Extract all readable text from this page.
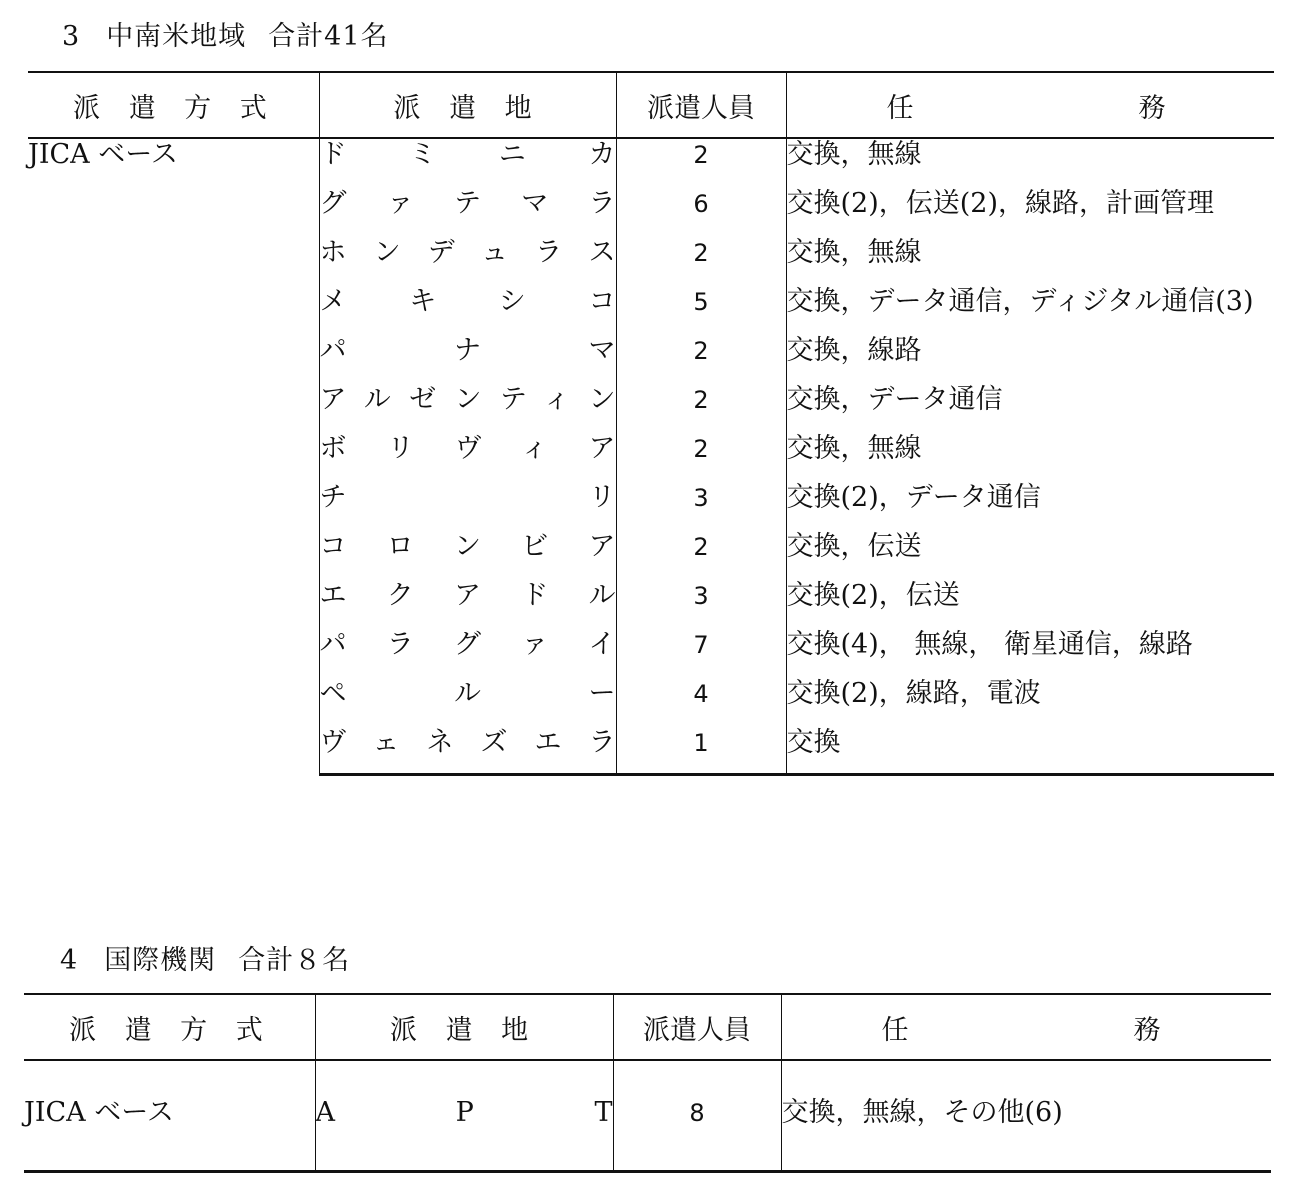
3 中南米地域 合計41名
派 遣 方 式	派 遣 地	派遣人員	任 務
JICA ベース	ドミニカ	2	交換，無線
	グァテマラ	6	交換(2)，伝送(2)，線路，計画管理
	ホンデュラス	2	交換，無線
	メキシコ	5	交換，データ通信，ディジタル通信(3)
	パナマ	2	交換，線路
	アルゼンティン	2	交換，データ通信
	ボリヴィア	2	交換，無線
	チリ	3	交換(2)，データ通信
	コロンビア	2	交換，伝送
	エクアドル	3	交換(2)，伝送
	パラグァイ	7	交換(4)， 無線， 衛星通信，線路
	ペルー	4	交換(2)，線路，電波
	ヴェネズエラ	1	交換
4 国際機関 合計８名
派 遣 方 式	派 遣 地	派遣人員	任 務
JICA ベース	A P T	8	交換，無線，その他(6)
